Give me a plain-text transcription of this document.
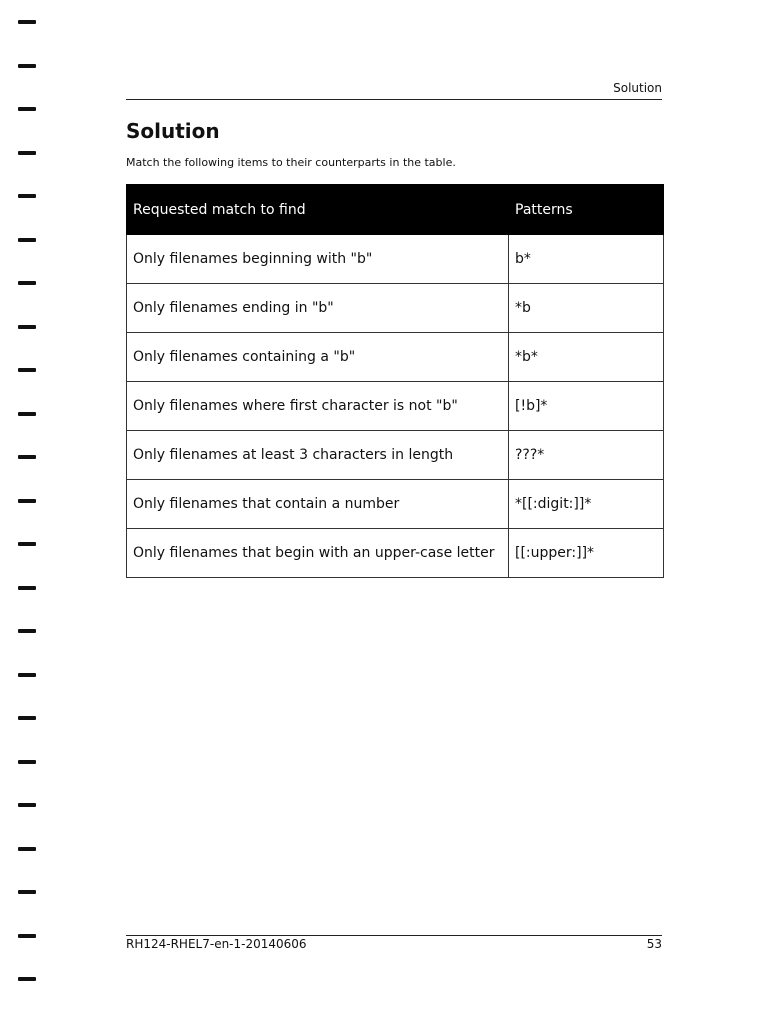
Solution
Solution
Match the following items to their counterparts in the table.
Requested match to find	Patterns
Only filenames beginning with "b"	b*
Only filenames ending in "b"	*b
Only filenames containing a "b"	*b*
Only filenames where first character is not "b"	[!b]*
Only filenames at least 3 characters in length	???*
Only filenames that contain a number	*[[:digit:]]*
Only filenames that begin with an upper-case letter	[[:upper:]]*
RH124-RHEL7-en-1-20140606	53
